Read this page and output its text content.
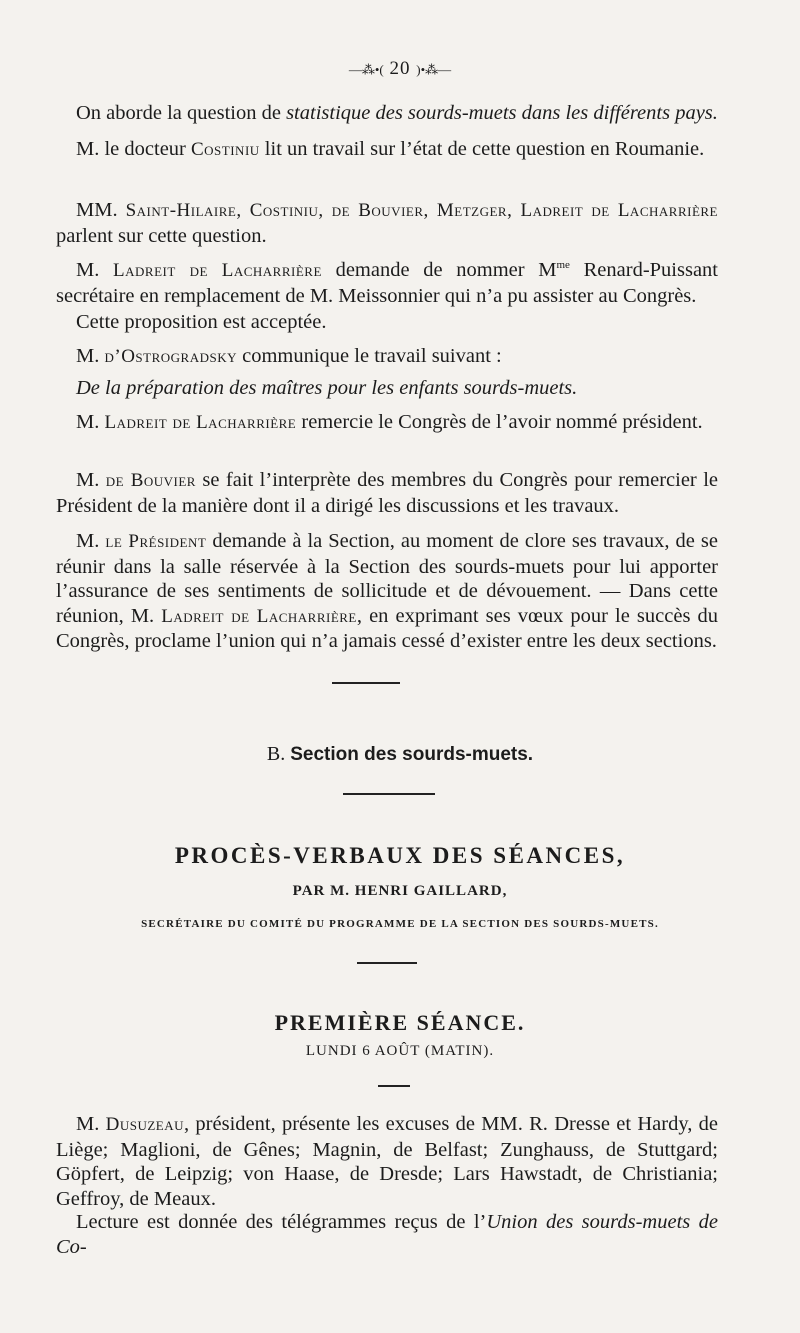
—⁂•( 20 )•⁂—
On aborde la question de statistique des sourds-muets dans les différents pays.
M. le docteur Costiniu lit un travail sur l’état de cette question en Roumanie.
MM. Saint-Hilaire, Costiniu, de Bouvier, Metzger, Ladreit de Lacharrière parlent sur cette question.
M. Ladreit de Lacharrière demande de nommer $M^{me}$ Renard-Puissant secrétaire en remplacement de M. Meissonnier qui n’a pu assister au Congrès.
Cette proposition est acceptée.
M. d’Ostrogradsky communique le travail suivant :
De la préparation des maîtres pour les enfants sourds-muets.
M. Ladreit de Lacharrière remercie le Congrès de l’avoir nommé président.
M. de Bouvier se fait l’interprète des membres du Congrès pour remercier le Président de la manière dont il a dirigé les discussions et les travaux.
M. le Président demande à la Section, au moment de clore ses travaux, de se réunir dans la salle réservée à la Section des sourds-muets pour lui apporter l’assurance de ses sentiments de sollicitude et de dévouement. — Dans cette réunion, M. Ladreit de Lacharrière, en exprimant ses vœux pour le succès du Congrès, proclame l’union qui n’a jamais cessé d’exister entre les deux sections.
B. Section des sourds-muets.
PROCÈS-VERBAUX DES SÉANCES,
PAR M. HENRI GAILLARD,
SECRÉTAIRE DU COMITÉ DU PROGRAMME DE LA SECTION DES SOURDS-MUETS.
PREMIÈRE SÉANCE.
LUNDI 6 AOÛT (MATIN).
M. Dusuzeau, président, présente les excuses de MM. R. Dresse et Hardy, de Liège; Maglioni, de Gênes; Magnin, de Belfast; Zunghauss, de Stuttgard; Göpfert, de Leipzig; von Haase, de Dresde; Lars Hawstadt, de Christiania; Geffroy, de Meaux.
Lecture est donnée des télégrammes reçus de l’Union des sourds-muets de Co-
